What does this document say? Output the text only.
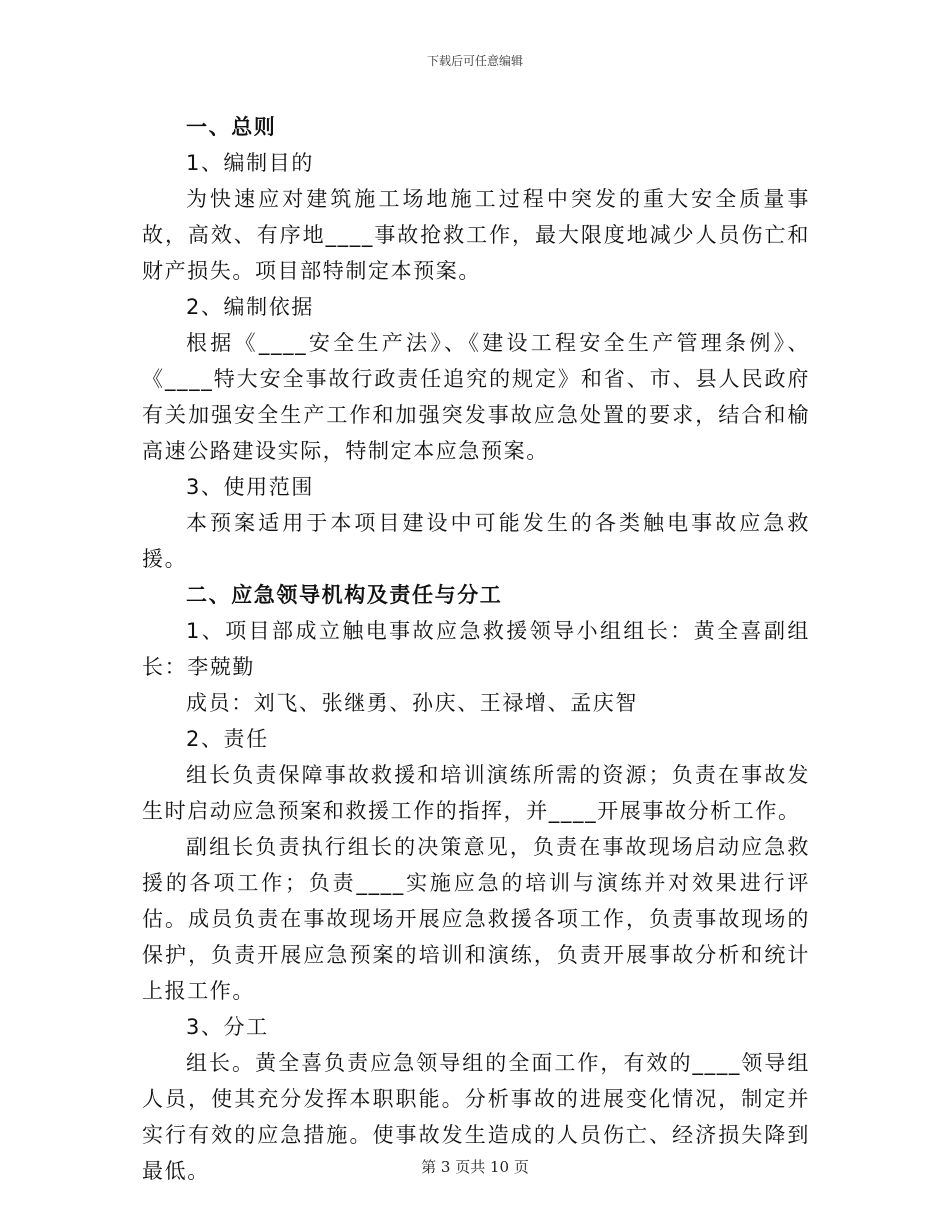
下载后可任意编辑

一、总则

1、编制目的

为快速应对建筑施工场地施工过程中突发的重大安全质量事故，高效、有序地____事故抢救工作，最大限度地减少人员伤亡和财产损失。项目部特制定本预案。

2、编制依据

根据《____安全生产法》、《建设工程安全生产管理条例》、《____特大安全事故行政责任追究的规定》和省、市、县人民政府有关加强安全生产工作和加强突发事故应急处置的要求，结合和榆高速公路建设实际，特制定本应急预案。

3、使用范围

本预案适用于本项目建设中可能发生的各类触电事故应急救援。

二、应急领导机构及责任与分工

1、项目部成立触电事故应急救援领导小组组长：黄全喜副组长：李兢勤

成员：刘飞、张继勇、孙庆、王禄增、孟庆智

2、责任

组长负责保障事故救援和培训演练所需的资源；负责在事故发生时启动应急预案和救援工作的指挥，并____开展事故分析工作。

副组长负责执行组长的决策意见，负责在事故现场启动应急救援的各项工作；负责____实施应急的培训与演练并对效果进行评估。成员负责在事故现场开展应急救援各项工作，负责事故现场的保护，负责开展应急预案的培训和演练，负责开展事故分析和统计上报工作。

3、分工

组长。黄全喜负责应急领导组的全面工作，有效的____领导组人员，使其充分发挥本职职能。分析事故的进展变化情况，制定并实行有效的应急措施。使事故发生造成的人员伤亡、经济损失降到最低。	第 3 页共 10 页
